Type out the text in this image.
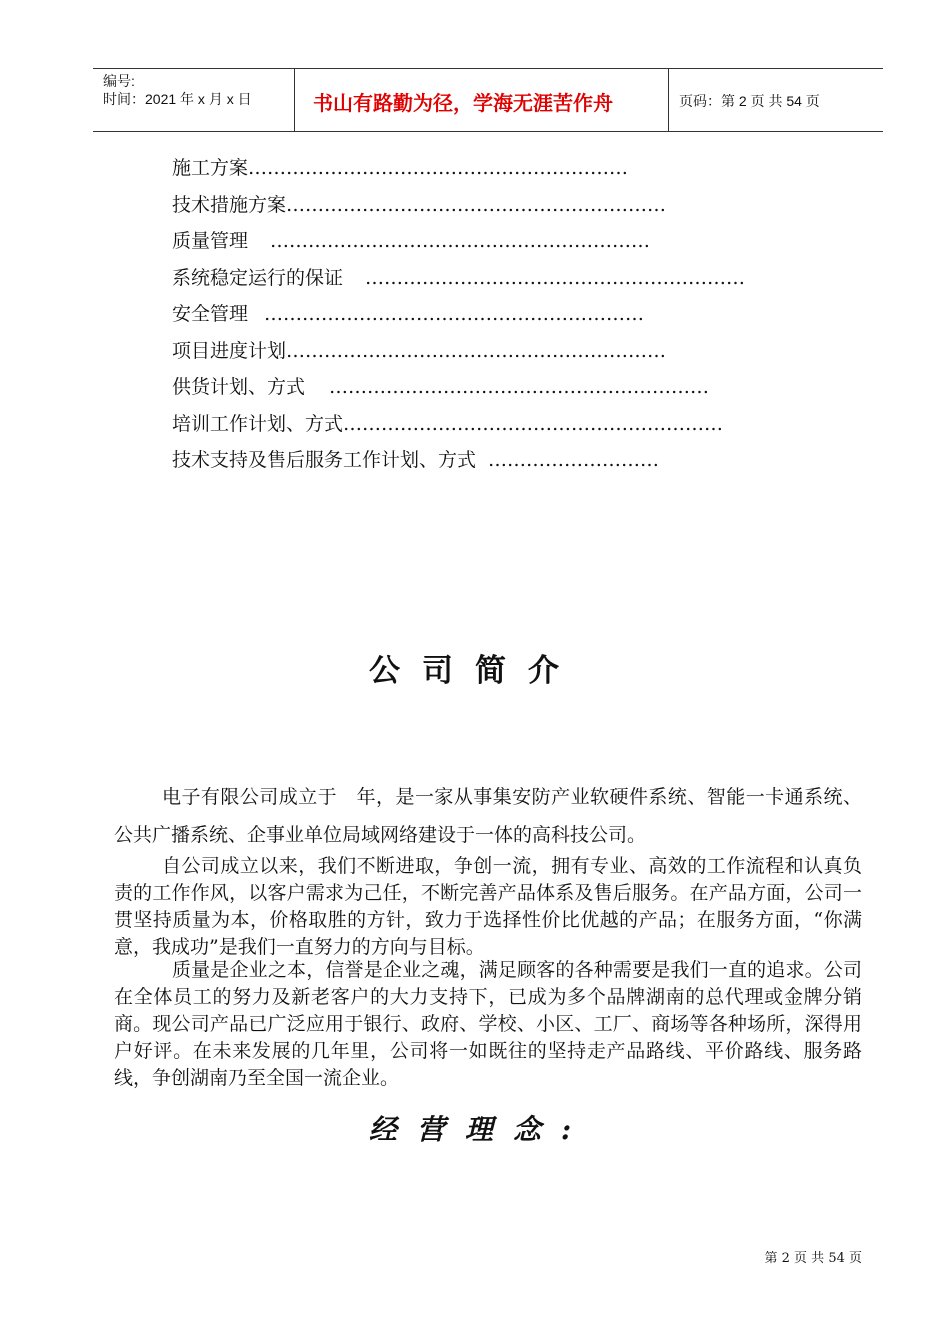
编号:
时间：2021 年 x 月 x 日	书山有路勤为径，学海无涯苦作舟	页码：第 2 页 共 54 页
施工方案……………………………………………………
技术措施方案……………………………………………………
质量管理 ……………………………………………………
系统稳定运行的保证 ……………………………………………………
安全管理 ……………………………………………………
项目进度计划……………………………………………………
供货计划、方式 ……………………………………………………
培训工作计划、方式……………………………………………………
技术支持及售后服务工作计划、方式 ………………………
公司简介
电子有限公司成立于　年，是一家从事集安防产业软硬件系统、智能一卡通系统、公共广播系统、企事业单位局域网络建设于一体的高科技公司。
自公司成立以来，我们不断进取，争创一流，拥有专业、高效的工作流程和认真负责的工作作风，以客户需求为己任，不断完善产品体系及售后服务。在产品方面，公司一贯坚持质量为本，价格取胜的方针，致力于选择性价比优越的产品；在服务方面，“你满意，我成功”是我们一直努力的方向与目标。
质量是企业之本，信誉是企业之魂，满足顾客的各种需要是我们一直的追求。公司在全体员工的努力及新老客户的大力支持下，已成为多个品牌湖南的总代理或金牌分销商。现公司产品已广泛应用于银行、政府、学校、小区、工厂、商场等各种场所，深得用户好评。在未来发展的几年里，公司将一如既往的坚持走产品路线、平价路线、服务路线，争创湖南乃至全国一流企业。
经营理念:
第 2 页 共 54 页
